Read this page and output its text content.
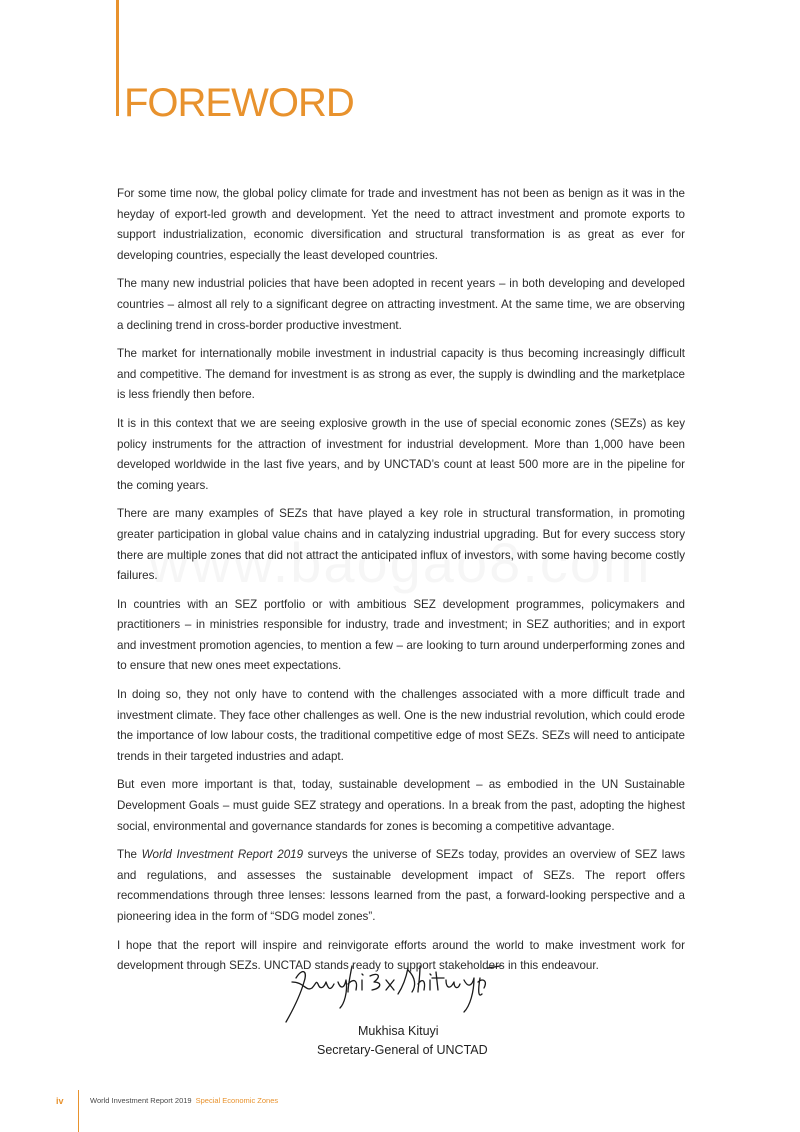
FOREWORD

For some time now, the global policy climate for trade and investment has not been as benign as it was in the heyday of export-led growth and development. Yet the need to attract investment and promote exports to support industrialization, economic diversification and structural transformation is as great as ever for developing countries, especially the least developed countries.

The many new industrial policies that have been adopted in recent years – in both developing and developed countries – almost all rely to a significant degree on attracting investment. At the same time, we are observing a declining trend in cross-border productive investment.

The market for internationally mobile investment in industrial capacity is thus becoming increasingly difficult and competitive. The demand for investment is as strong as ever, the supply is dwindling and the marketplace is less friendly then before.

It is in this context that we are seeing explosive growth in the use of special economic zones (SEZs) as key policy instruments for the attraction of investment for industrial development. More than 1,000 have been developed worldwide in the last five years, and by UNCTAD’s count at least 500 more are in the pipeline for the coming years.

There are many examples of SEZs that have played a key role in structural transformation, in promoting greater participation in global value chains and in catalyzing industrial upgrading. But for every success story there are multiple zones that did not attract the anticipated influx of investors, with some having become costly failures.

In countries with an SEZ portfolio or with ambitious SEZ development programmes, policymakers and practitioners – in ministries responsible for industry, trade and investment; in SEZ authorities; and in export and investment promotion agencies, to mention a few – are looking to turn around underperforming zones and to ensure that new ones meet expectations.

In doing so, they not only have to contend with the challenges associated with a more difficult trade and investment climate. They face other challenges as well. One is the new industrial revolution, which could erode the importance of low labour costs, the traditional competitive edge of most SEZs. SEZs will need to anticipate trends in their targeted industries and adapt.

But even more important is that, today, sustainable development – as embodied in the UN Sustainable Development Goals – must guide SEZ strategy and operations. In a break from the past, adopting the highest social, environmental and governance standards for zones is becoming a competitive advantage.

The World Investment Report 2019 surveys the universe of SEZs today, provides an overview of SEZ laws and regulations, and assesses the sustainable development impact of SEZs. The report offers recommendations through three lenses: lessons learned from the past, a forward-looking perspective and a pioneering idea in the form of “SDG model zones”.

I hope that the report will inspire and reinvigorate efforts around the world to make investment work for development through SEZs. UNCTAD stands ready to support stakeholders in this endeavour.

Mukhisa Kituyi
Secretary-General of UNCTAD
iv	World Investment Report 2019 Special Economic Zones
